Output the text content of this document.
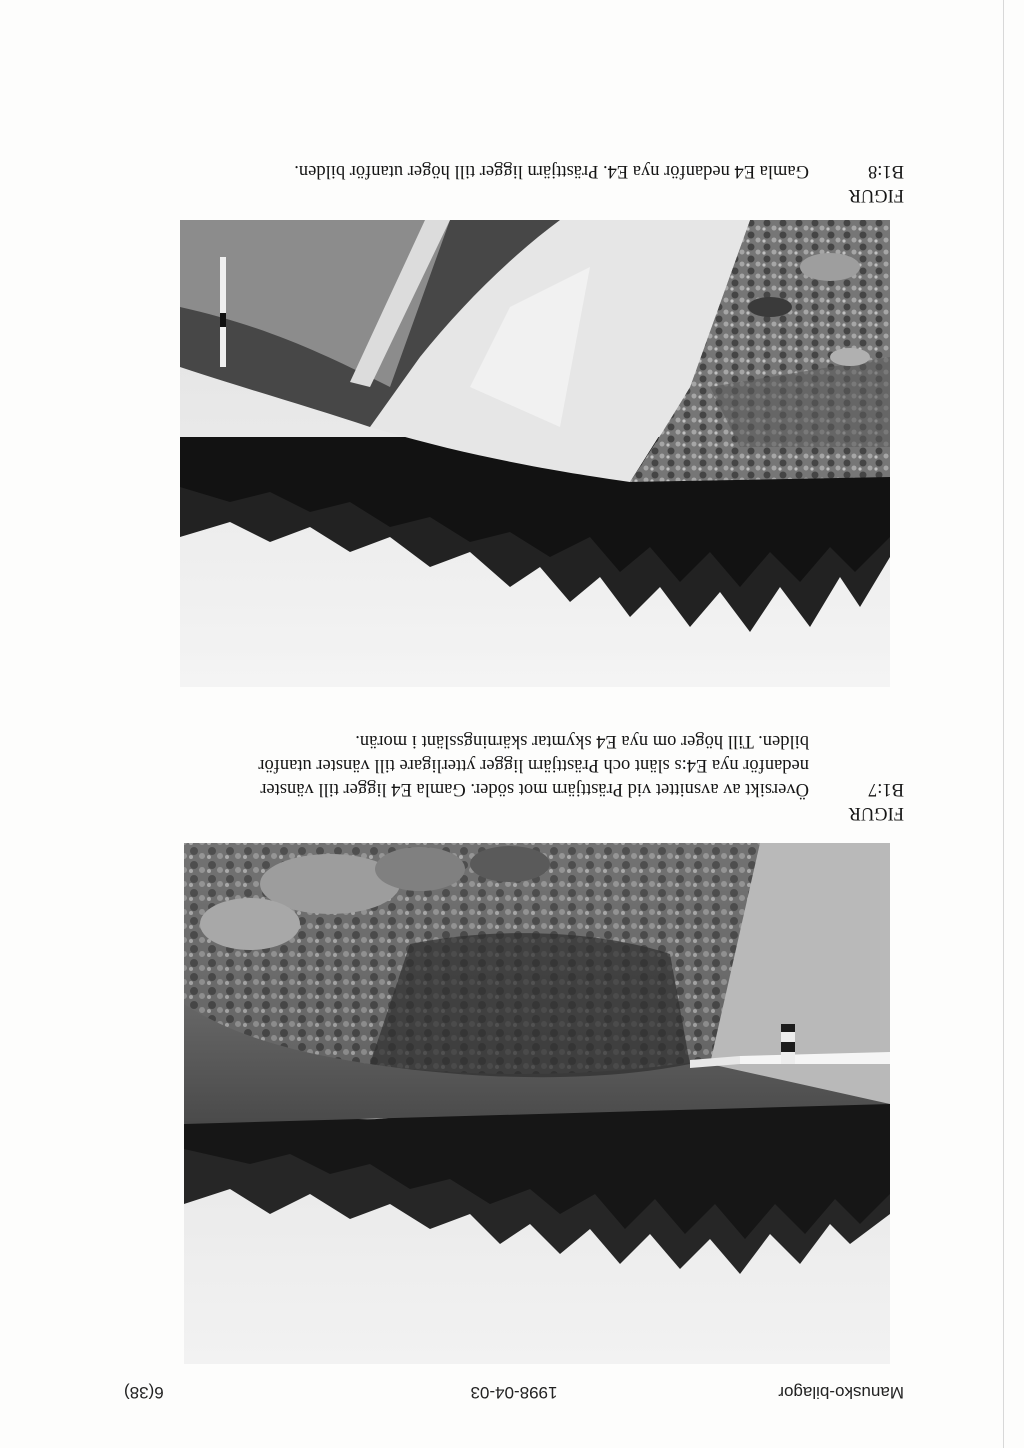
Manusko-bilagor
1998-04-03
6(38)
FIGUR B1:7Översikt av avsnittet vid Prästtjärn mot söder. Gamla E4 ligger till vänster
nedanför nya E4:s slänt och Prästtjärn ligger ytterligare till vänster utanför
bilden. Till höger om nya E4 skymtar skärningsslänt i morän.
FIGUR B1:8Gamla E4 nedanför nya E4. Prästtjärn ligger till höger utanför bilden.
